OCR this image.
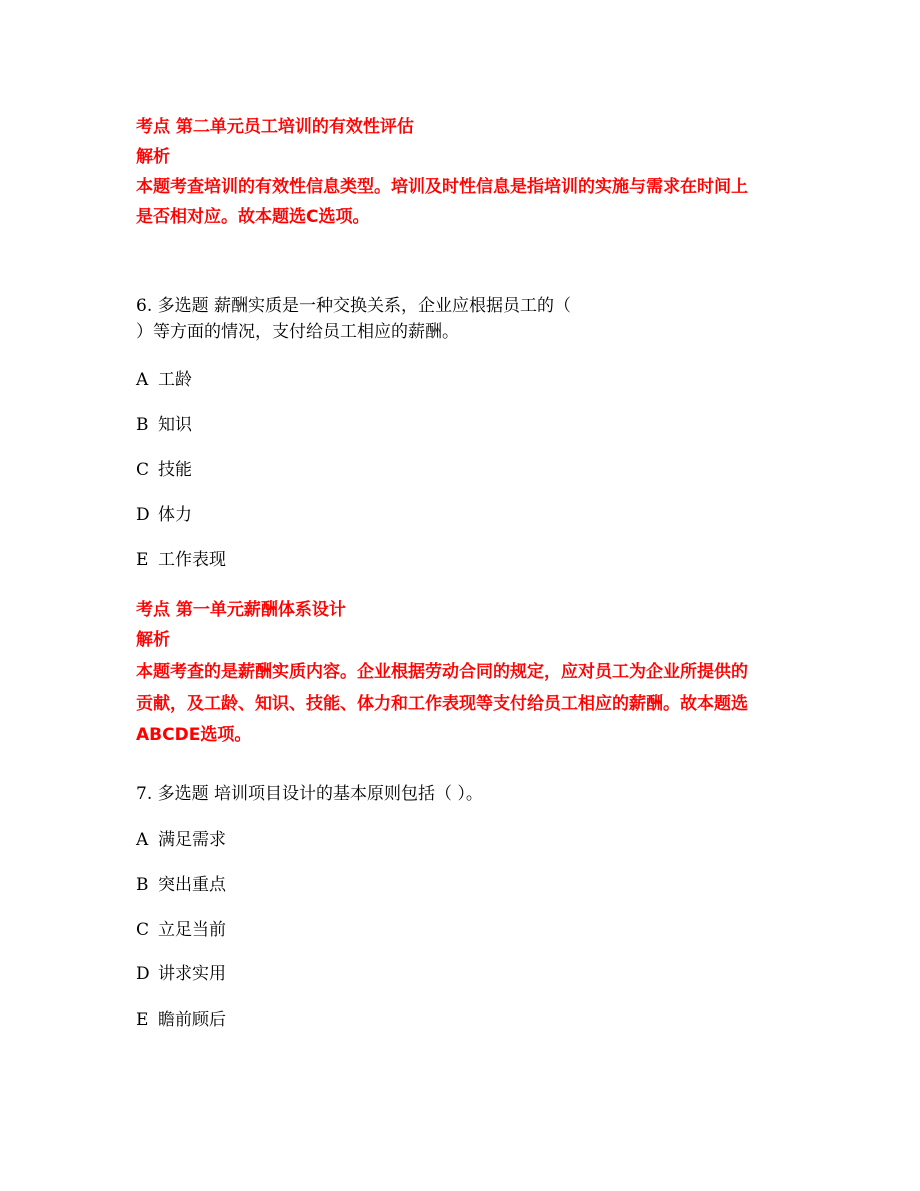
考点 第二单元员工培训的有效性评估

解析

本题考查培训的有效性信息类型。培训及时性信息是指培训的实施与需求在时间上

是否相对应。故本题选C选项。

6. 多选题 薪酬实质是一种交换关系，企业应根据员工的（

）等方面的情况，支付给员工相应的薪酬。

A 工龄

B 知识

C 技能

D 体力

E 工作表现

考点 第一单元薪酬体系设计

解析

本题考查的是薪酬实质内容。企业根据劳动合同的规定，应对员工为企业所提供的

贡献，及工龄、知识、技能、体力和工作表现等支付给员工相应的薪酬。故本题选

ABCDE选项。

7. 多选题 培训项目设计的基本原则包括（ ）。

A 满足需求

B 突出重点

C 立足当前

D 讲求实用

E 瞻前顾后
